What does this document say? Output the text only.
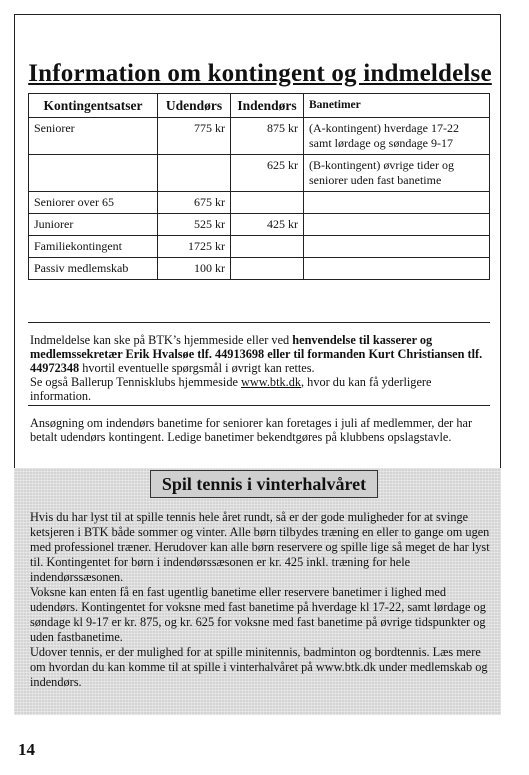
Information om kontingent og indmeldelse
Kontingentsatser	Udendørs	Indendørs	Banetimer
Seniorer	775 kr	875 kr	(A-kontingent) hverdage 17-22 samt lørdage og søndage 9-17
		625 kr	(B-kontingent) øvrige tider og seniorer uden fast banetime
Seniorer over 65	675 kr		
Juniorer	525 kr	425 kr	
Familiekontingent	1725 kr		
Passiv medlemskab	100 kr		
Indmeldelse kan ske på BTK’s hjemmeside eller ved henvendelse til kasserer og medlemssekretær Erik Hvalsøe tlf. 44913698 eller til formanden Kurt Christiansen tlf. 44972348 hvortil eventuelle spørgsmål i øvrigt kan rettes.
Se også Ballerup Tennisklubs hjemmeside www.btk.dk, hvor du kan få yderligere information.
Ansøgning om indendørs banetime for seniorer kan foretages i juli af medlemmer, der har betalt udendørs kontingent. Ledige banetimer bekendtgøres på klubbens opslagstavle.
Spil tennis i vinterhalvåret

Hvis du har lyst til at spille tennis hele året rundt, så er der gode muligheder for at svinge ketsjeren i BTK både sommer og vinter. Alle børn tilbydes træning en eller to gange om ugen med professionel træner. Herudover kan alle børn reservere og spille lige så meget de har lyst til. Kontingentet for børn i indendørssæsonen er kr. 425 inkl. træning for hele indendørssæsonen.

Voksne kan enten få en fast ugentlig banetime eller reservere banetimer i lighed med udendørs. Kontingentet for voksne med fast banetime på hverdage kl 17-22, samt lørdage og søndage kl 9-17 er kr. 875, og kr. 625 for voksne med fast banetime på øvrige tidspunkter og uden fastbanetime.

Udover tennis, er der mulighed for at spille minitennis, badminton og bordtennis. Læs mere om hvordan du kan komme til at spille i vinterhalvåret på www.btk.dk under medlemskab og indendørs.

14
